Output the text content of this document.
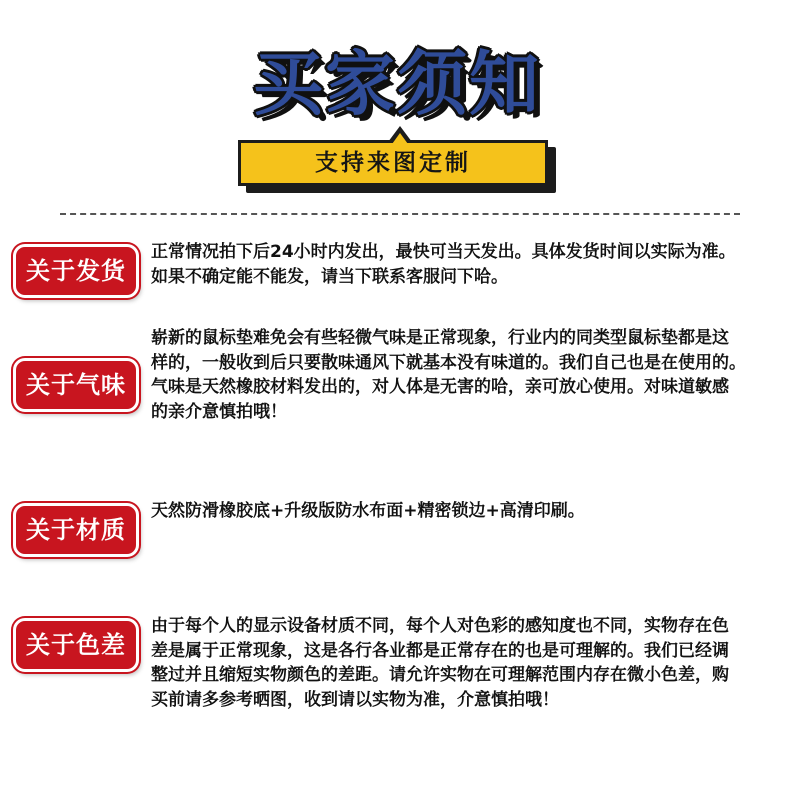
买家须知
支持来图定制
关于发货

正常情况拍下后24小时内发出，最快可当天发出。具体发货时间以实际为准。
如果不确定能不能发，请当下联系客服问下哈。

关于气味

崭新的鼠标垫难免会有些轻微气味是正常现象，行业内的同类型鼠标垫都是这
样的，一般收到后只要散味通风下就基本没有味道的。我们自己也是在使用的。
气味是天然橡胶材料发出的，对人体是无害的哈，亲可放心使用。对味道敏感
的亲介意慎拍哦！

关于材质

天然防滑橡胶底+升级版防水布面+精密锁边+高清印刷。

关于色差

由于每个人的显示设备材质不同，每个人对色彩的感知度也不同，实物存在色
差是属于正常现象，这是各行各业都是正常存在的也是可理解的。我们已经调
整过并且缩短实物颜色的差距。请允许实物在可理解范围内存在微小色差，购
买前请多参考晒图，收到请以实物为准，介意慎拍哦！
